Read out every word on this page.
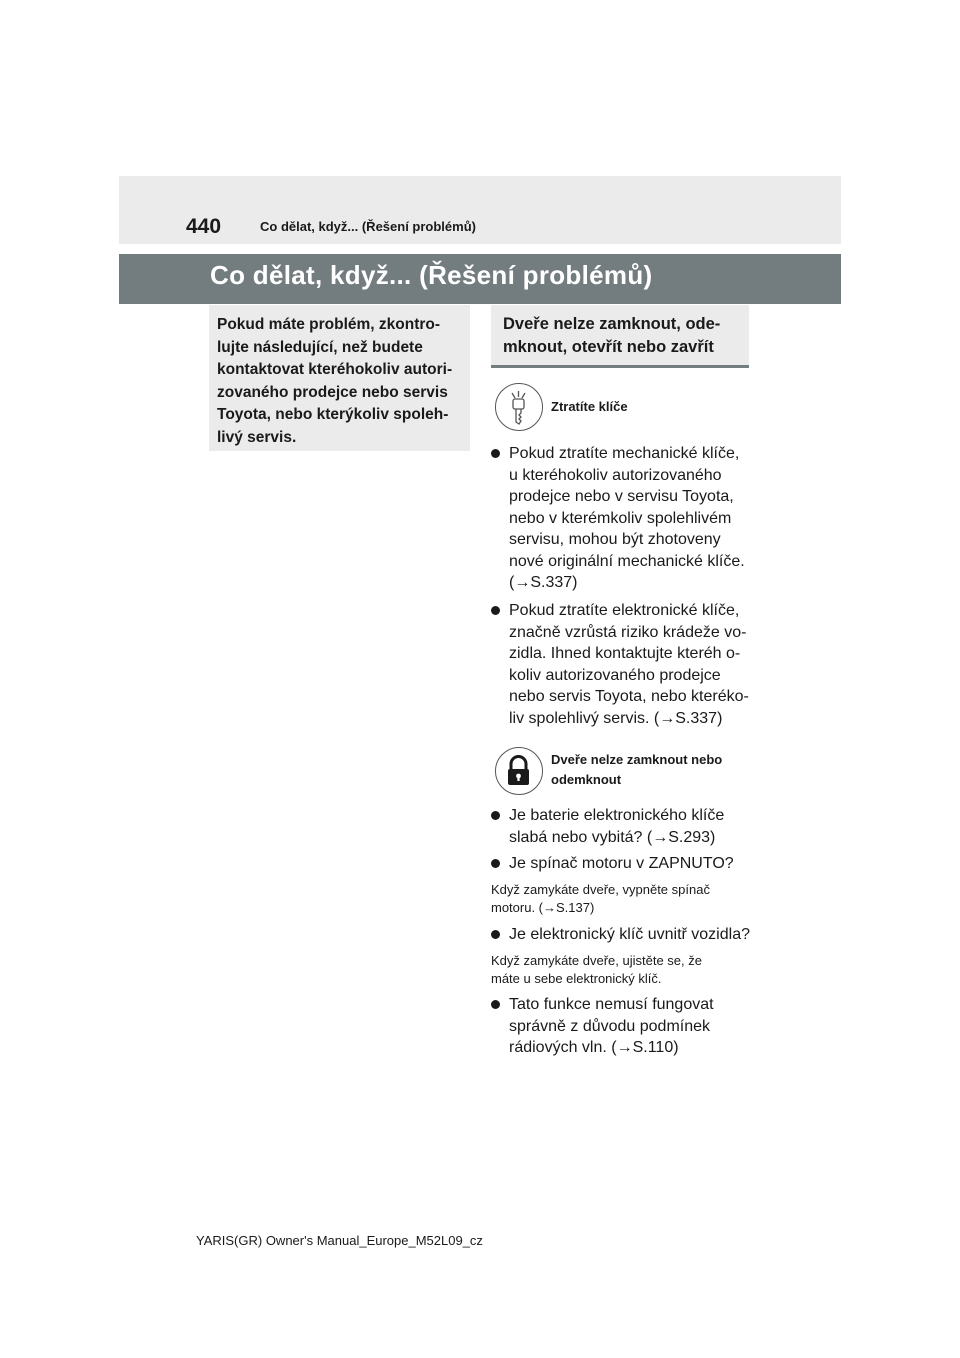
440	Co dělat, když... (Řešení problémů)
Co dělat, když... (Řešení problémů)

Pokud máte problém, zkontro-

lujte následující, než budete

kontaktovat kteréhokoliv autori-

zovaného prodejce nebo servis

Toyota, nebo kterýkoliv spoleh-

livý servis.

Dveře nelze zamknout, ode-

mknout, otevřít nebo zavřít

Ztratíte klíče
Pokud ztratíte mechanické klíče,
u kteréhokoliv autorizovaného
prodejce nebo v servisu Toyota,
nebo v kterémkoliv spolehlivém
servisu, mohou být zhotoveny
nové originální mechanické klíče.
(→S.337)
Pokud ztratíte elektronické klíče,
značně vzrůstá riziko krádeže vo-
zidla. Ihned kontaktujte kteréh o-
koliv autorizovaného prodejce
nebo servis Toyota, nebo kteréko-
liv spolehlivý servis. (→S.337)
Dveře nelze zamknout nebo
odemknout
Je baterie elektronického klíče
slabá nebo vybitá? (→S.293)
Je spínač motoru v ZAPNUTO?
Když zamykáte dveře, vypněte spínač
motoru. (→S.137)
Je elektronický klíč uvnitř vozidla?
Když zamykáte dveře, ujistěte se, že
máte u sebe elektronický klíč.
Tato funkce nemusí fungovat
správně z důvodu podmínek
rádiových vln. (→S.110)
YARIS(GR) Owner's Manual_Europe_M52L09_cz
